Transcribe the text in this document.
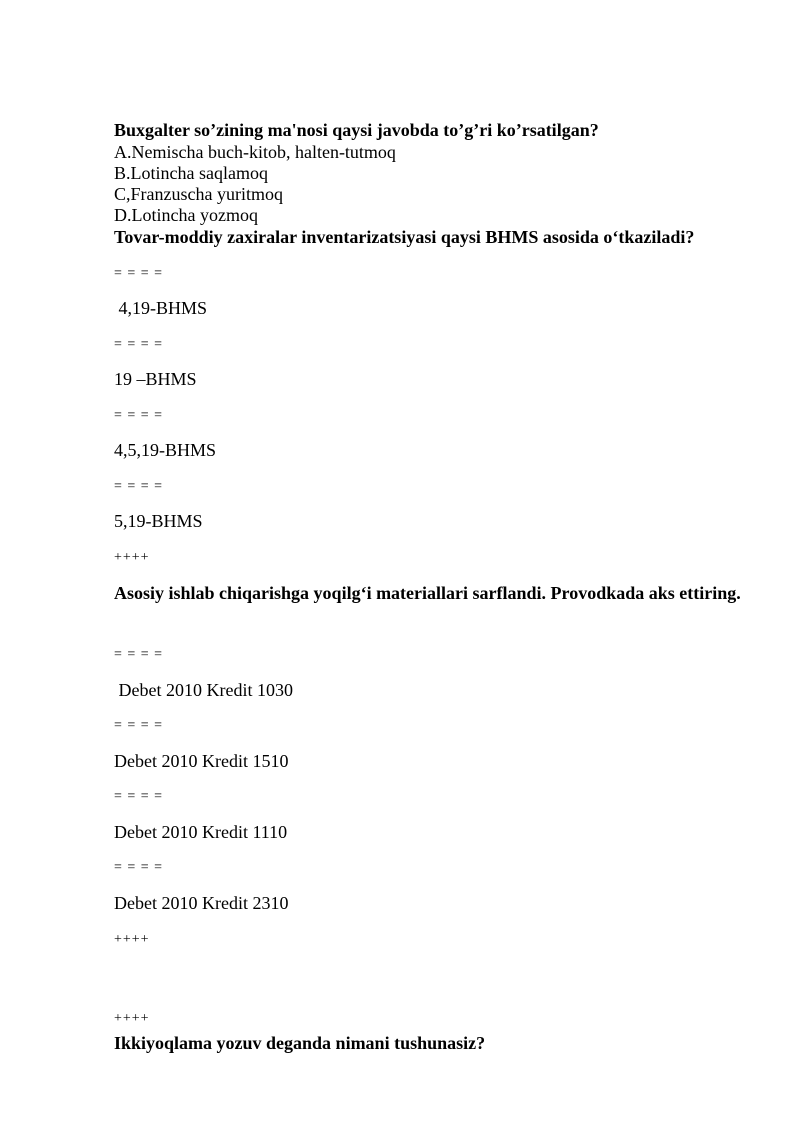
Buxgalter so’zining ma'nosi qaysi javobda to’g’ri ko’rsatilgan?
A.Nemischa buch-kitob, halten-tutmoq
B.Lotincha saqlamoq
C,Franzuscha yuritmoq
D.Lotincha yozmoq
Tovar-moddiy zaxiralar inventarizatsiyasi qaysi BHMS asosida o‘tkaziladi?
= = = =
4,19-BHMS
= = = =
19 –BHMS
= = = =
4,5,19-BHMS
= = = =
5,19-BHMS
++++
Asosiy ishlab chiqarishga yoqilg‘i materiallari sarflandi. Provodkada aks ettiring.
= = = =
Debet 2010 Kredit 1030
= = = =
Debet 2010 Kredit 1510
= = = =
Debet 2010 Kredit 1110
= = = =
Debet 2010 Kredit 2310
++++
++++
Ikkiyoqlama yozuv deganda nimani tushunasiz?
